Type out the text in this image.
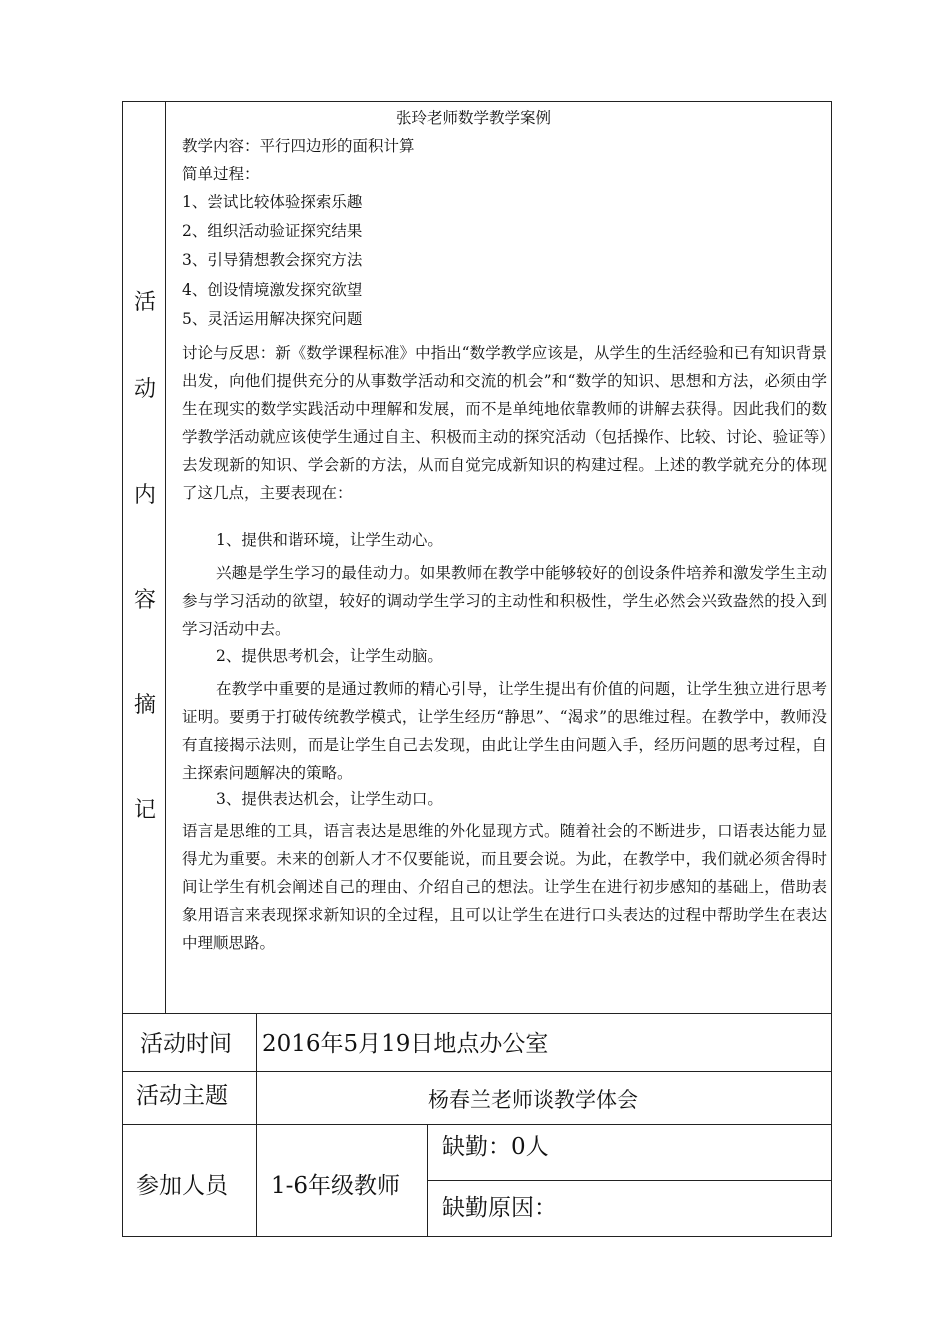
活
动
内
容
摘
记
张玲老师数学教学案例
教学内容：平行四边形的面积计算
简单过程：
1、尝试比较体验探索乐趣
2、组织活动验证探究结果
3、引导猜想教会探究方法
4、创设情境激发探究欲望
5、灵活运用解决探究问题
讨论与反思：新《数学课程标准》中指出“数学教学应该是，从学生的生活经验和已有知识背景出发，向他们提供充分的从事数学活动和交流的机会”和“数学的知识、思想和方法，必须由学生在现实的数学实践活动中理解和发展，而不是单纯地依靠教师的讲解去获得。因此我们的数学教学活动就应该使学生通过自主、积极而主动的探究活动（包括操作、比较、讨论、验证等）去发现新的知识、学会新的方法，从而自觉完成新知识的构建过程。上述的教学就充分的体现了这几点，主要表现在：
1、提供和谐环境，让学生动心。
兴趣是学生学习的最佳动力。如果教师在教学中能够较好的创设条件培养和激发学生主动参与学习活动的欲望，较好的调动学生学习的主动性和积极性，学生必然会兴致盎然的投入到学习活动中去。
2、提供思考机会，让学生动脑。
在教学中重要的是通过教师的精心引导，让学生提出有价值的问题，让学生独立进行思考证明。要勇于打破传统教学模式，让学生经历“静思”、“渴求”的思维过程。在教学中，教师没有直接揭示法则，而是让学生自己去发现，由此让学生由问题入手，经历问题的思考过程，自主探索问题解决的策略。
3、提供表达机会，让学生动口。
语言是思维的工具，语言表达是思维的外化显现方式。随着社会的不断进步，口语表达能力显得尤为重要。未来的创新人才不仅要能说，而且要会说。为此，在教学中，我们就必须舍得时间让学生有机会阐述自己的理由、介绍自己的想法。让学生在进行初步感知的基础上，借助表象用语言来表现探求新知识的全过程，且可以让学生在进行口头表达的过程中帮助学生在表达中理顺思路。
活动时间 2016年5月19日地点办公室
活动主题	杨春兰老师谈教学体会
参加人员 1-6年级教师
缺勤：0人
缺勤原因：
